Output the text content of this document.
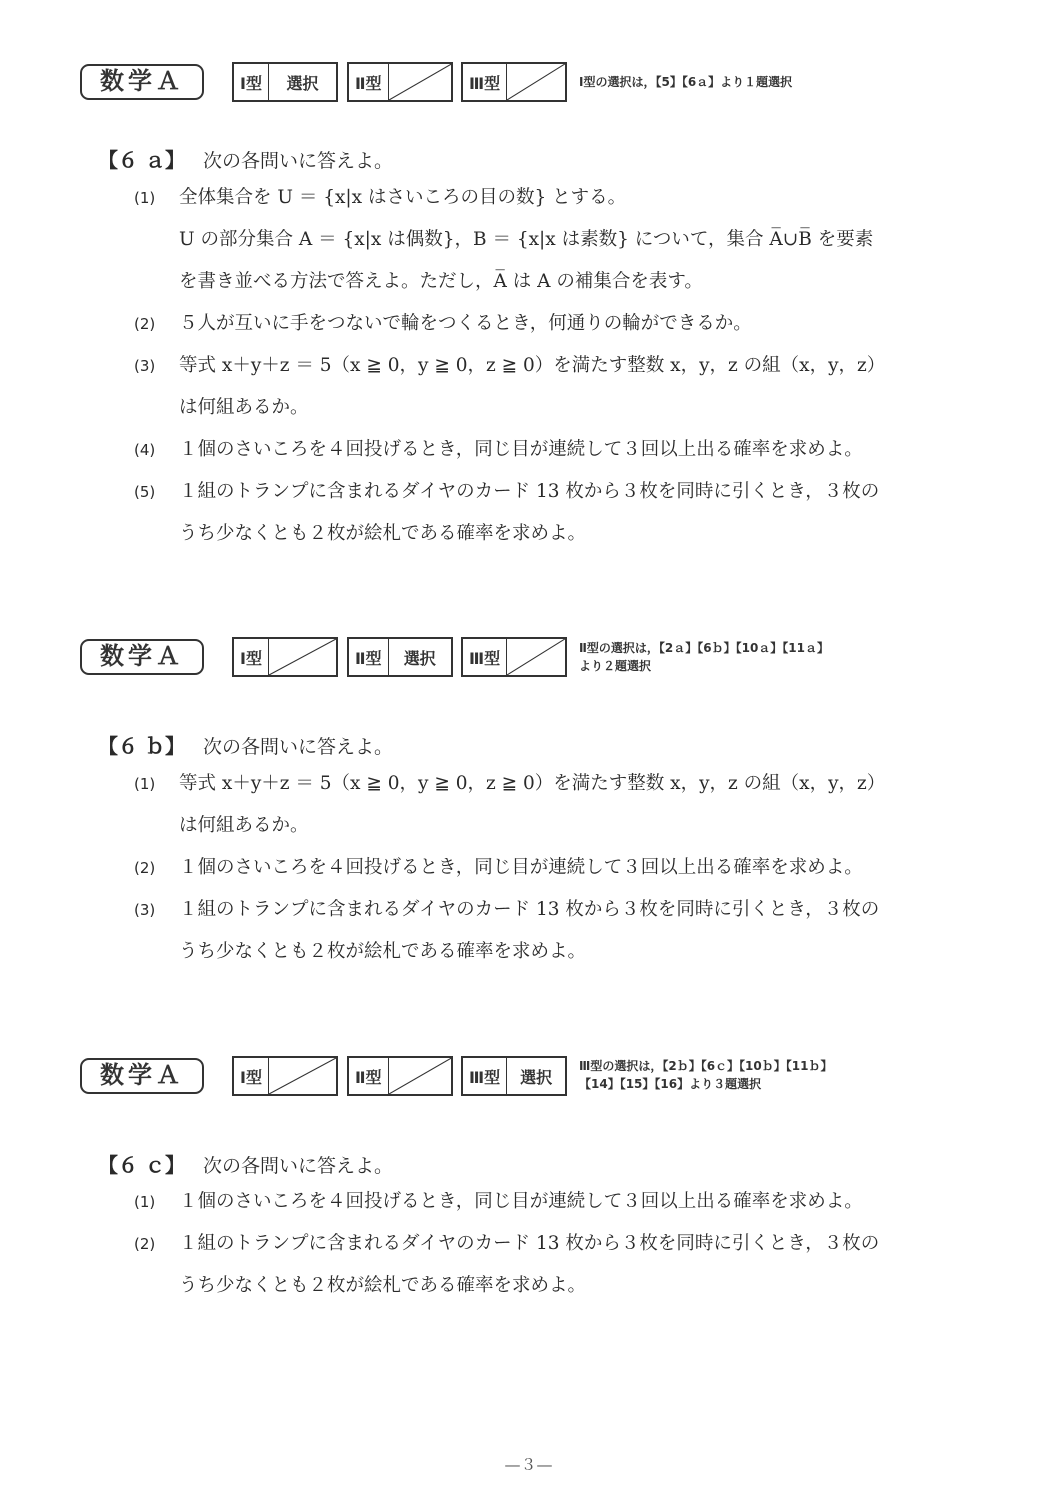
数学Ａ	Ⅰ型	選択	Ⅱ型	Ⅲ型	Ⅰ型の選択は，【5】【6ａ】より１題選択
【６ ａ】 次の各問いに答えよ。
(1) 全体集合を U ＝ {x|x はさいころの目の数} とする。
U の部分集合 A ＝ {x|x は偶数}，B ＝ {x|x は素数} について，集合 A̅∪B̅ を要素
を書き並べる方法で答えよ。ただし，A̅ は A の補集合を表す。
(2) ５人が互いに手をつないで輪をつくるとき，何通りの輪ができるか。
(3) 等式 x＋y＋z ＝ 5（x ≧ 0，y ≧ 0，z ≧ 0）を満たす整数 x，y，z の組（x，y，z）
は何組あるか。
(4) １個のさいころを４回投げるとき，同じ目が連続して３回以上出る確率を求めよ。
(5) １組のトランプに含まれるダイヤのカード 13 枚から３枚を同時に引くとき，３枚の
うち少なくとも２枚が絵札である確率を求めよ。
数学Ａ	Ⅰ型	Ⅱ型	選択	Ⅲ型
Ⅱ型の選択は，【2ａ】【6ｂ】【10ａ】【11ａ】
より２題選択
【６ ｂ】 次の各問いに答えよ。
(1) 等式 x＋y＋z ＝ 5（x ≧ 0，y ≧ 0，z ≧ 0）を満たす整数 x，y，z の組（x，y，z）
は何組あるか。
(2) １個のさいころを４回投げるとき，同じ目が連続して３回以上出る確率を求めよ。
(3) １組のトランプに含まれるダイヤのカード 13 枚から３枚を同時に引くとき，３枚の
うち少なくとも２枚が絵札である確率を求めよ。
数学Ａ	Ⅰ型	Ⅱ型	Ⅲ型	選択
Ⅲ型の選択は，【2ｂ】【6ｃ】【10ｂ】【11ｂ】
【14】【15】【16】より３題選択
【６ ｃ】 次の各問いに答えよ。
(1) １個のさいころを４回投げるとき，同じ目が連続して３回以上出る確率を求めよ。
(2) １組のトランプに含まれるダイヤのカード 13 枚から３枚を同時に引くとき，３枚の
うち少なくとも２枚が絵札である確率を求めよ。
—３—
